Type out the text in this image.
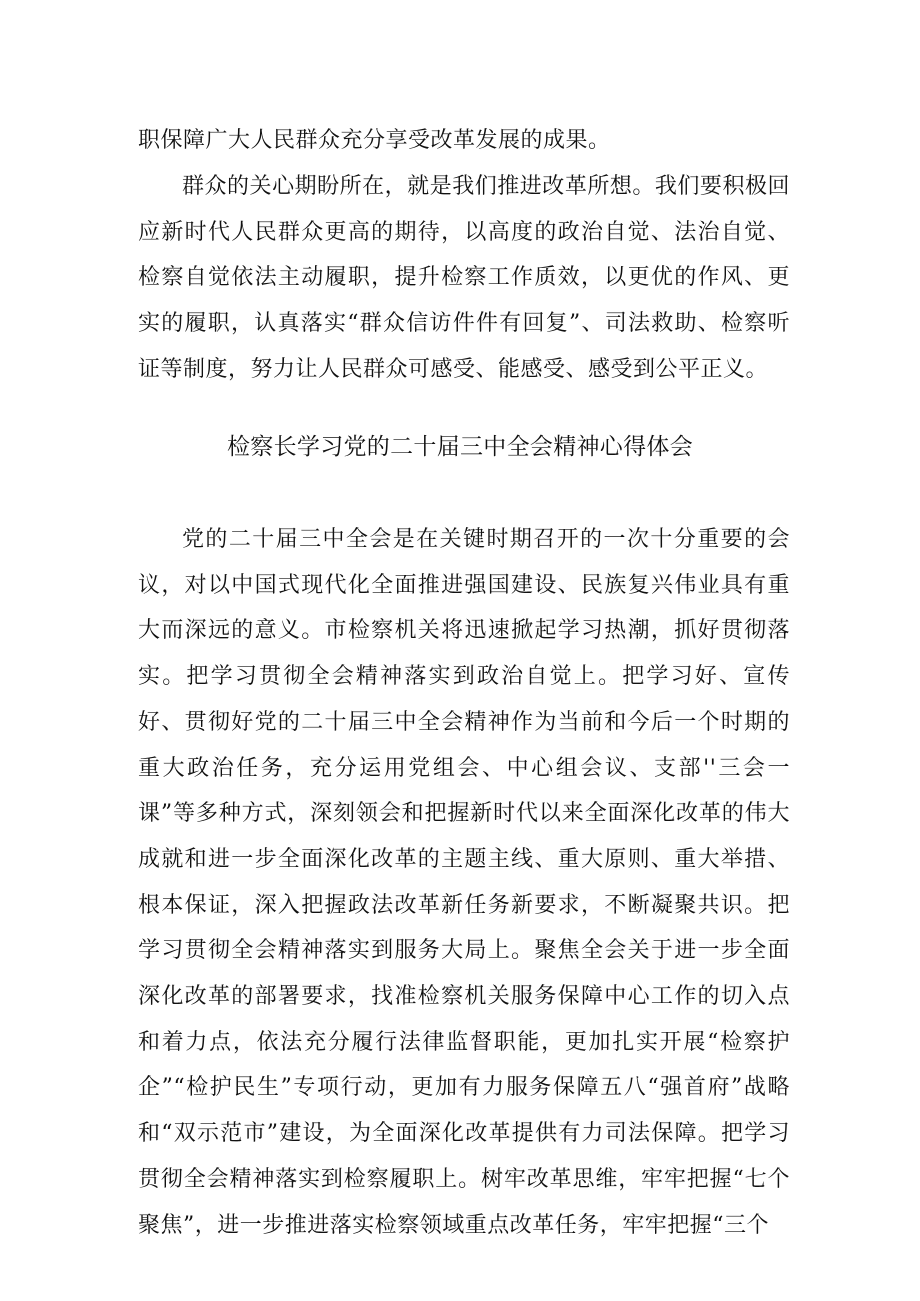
职保障广大人民群众充分享受改革发展的成果。

群众的关心期盼所在，就是我们推进改革所想。我们要积极回应新时代人民群众更高的期待，以高度的政治自觉、法治自觉、检察自觉依法主动履职，提升检察工作质效，以更优的作风、更实的履职，认真落实“群众信访件件有回复”、司法救助、检察听证等制度，努力让人民群众可感受、能感受、感受到公平正义。

检察长学习党的二十届三中全会精神心得体会

党的二十届三中全会是在关键时期召开的一次十分重要的会议，对以中国式现代化全面推进强国建设、民族复兴伟业具有重大而深远的意义。市检察机关将迅速掀起学习热潮，抓好贯彻落实。把学习贯彻全会精神落实到政治自觉上。把学习好、宣传好、贯彻好党的二十届三中全会精神作为当前和今后一个时期的重大政治任务，充分运用党组会、中心组会议、支部''三会一课”等多种方式，深刻领会和把握新时代以来全面深化改革的伟大成就和进一步全面深化改革的主题主线、重大原则、重大举措、根本保证，深入把握政法改革新任务新要求，不断凝聚共识。把学习贯彻全会精神落实到服务大局上。聚焦全会关于进一步全面深化改革的部署要求，找准检察机关服务保障中心工作的切入点和着力点，依法充分履行法律监督职能，更加扎实开展“检察护企”“检护民生”专项行动，更加有力服务保障五八“强首府”战略和“双示范市”建设，为全面深化改革提供有力司法保障。把学习贯彻全会精神落实到检察履职上。树牢改革思维，牢牢把握“七个聚焦”，进一步推进落实检察领域重点改革任务，牢牢把握“三个
